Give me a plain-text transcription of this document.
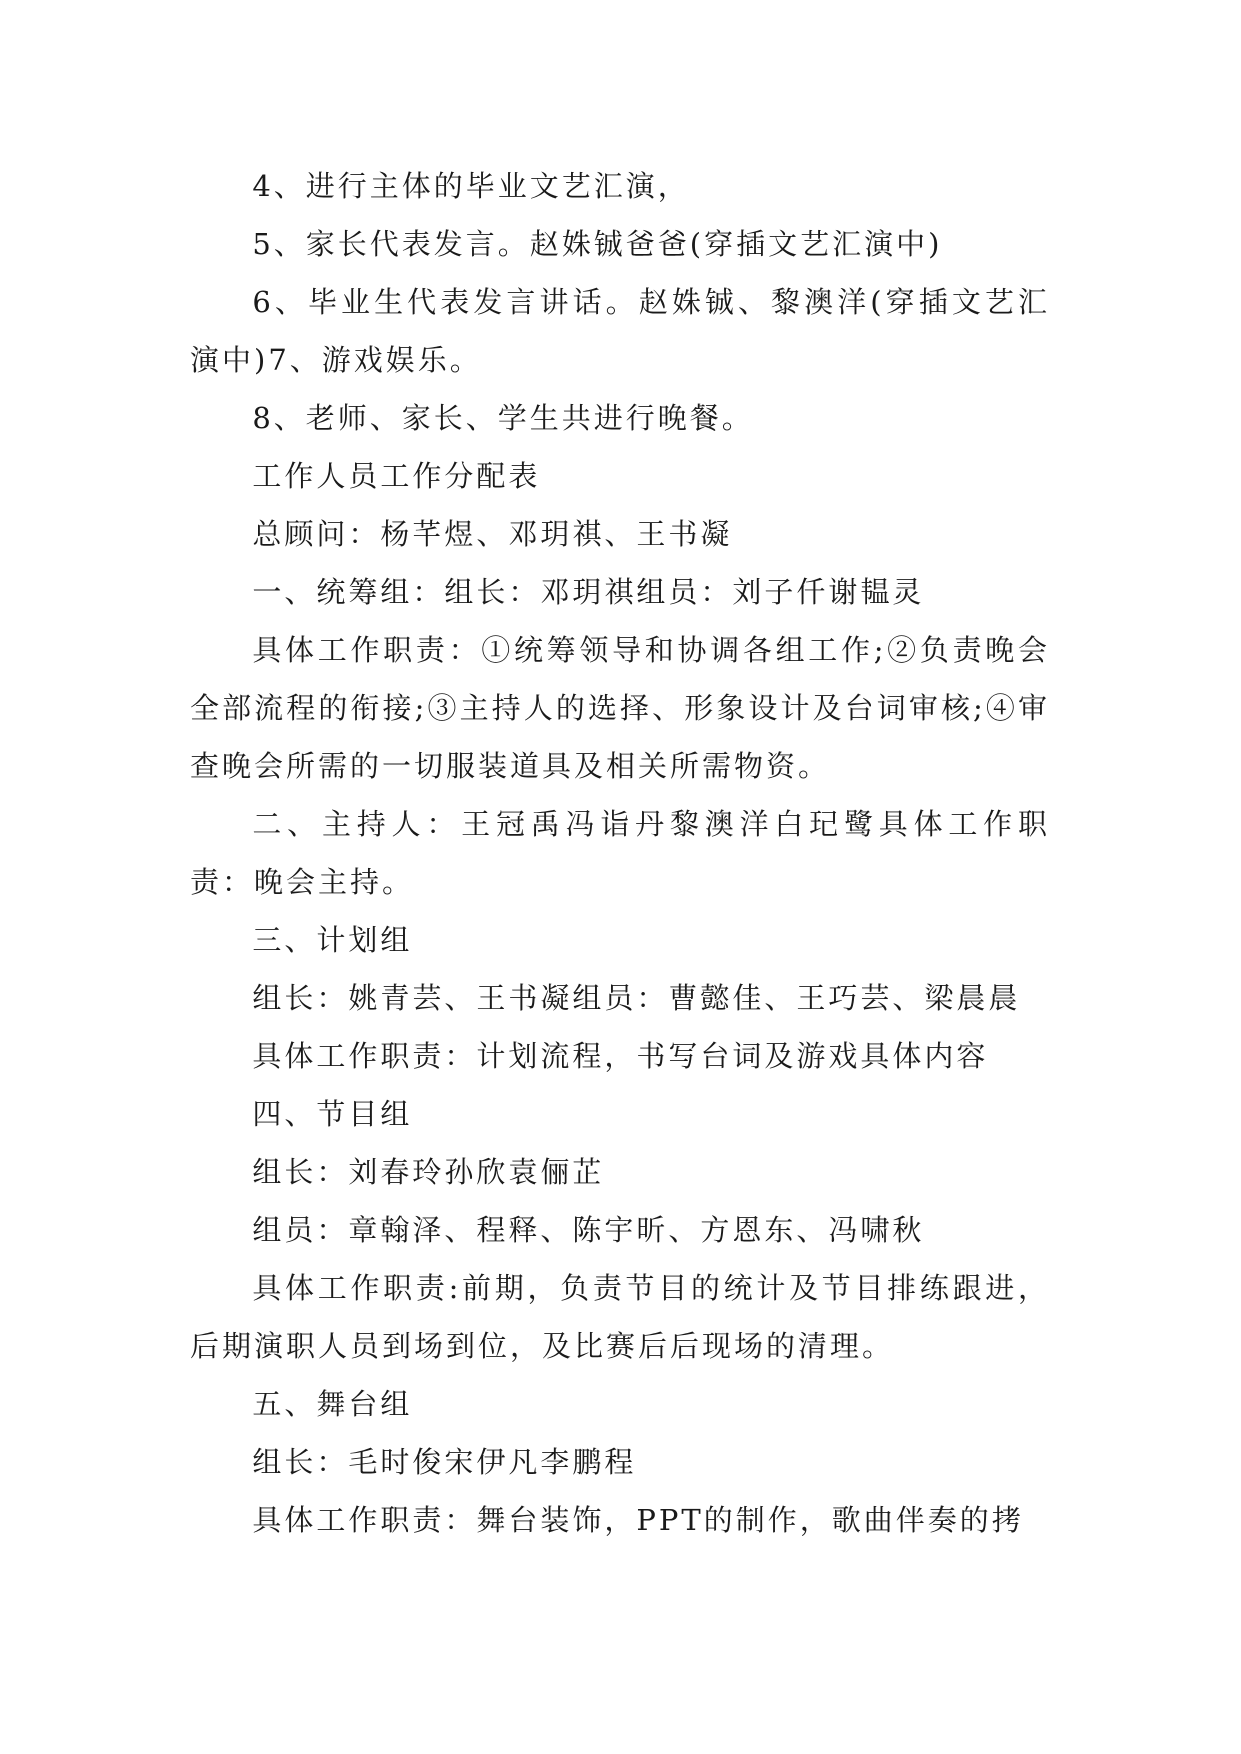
4、进行主体的毕业文艺汇演，

5、家长代表发言。赵姝铖爸爸(穿插文艺汇演中)

6、毕业生代表发言讲话。赵姝铖、黎澳洋(穿插文艺汇演中)7、游戏娱乐。

8、老师、家长、学生共进行晚餐。

工作人员工作分配表

总顾问：杨芊煜、邓玥祺、王书凝

一、统筹组：组长：邓玥祺组员：刘子仟谢韫灵

具体工作职责：①统筹领导和协调各组工作;②负责晚会全部流程的衔接;③主持人的选择、形象设计及台词审核;④审查晚会所需的一切服装道具及相关所需物资。

二、主持人：王冠禹冯诣丹黎澳洋白玘鹭具体工作职责：晚会主持。

三、计划组

组长：姚青芸、王书凝组员：曹懿佳、王巧芸、梁晨晨

具体工作职责：计划流程，书写台词及游戏具体内容

四、节目组

组长：刘春玲孙欣袁俪芷

组员：章翰泽、程释、陈宇昕、方恩东、冯啸秋

具体工作职责:前期，负责节目的统计及节目排练跟进，后期演职人员到场到位，及比赛后后现场的清理。

五、舞台组

组长：毛时俊宋伊凡李鹏程

具体工作职责：舞台装饰，PPT的制作，歌曲伴奏的拷
